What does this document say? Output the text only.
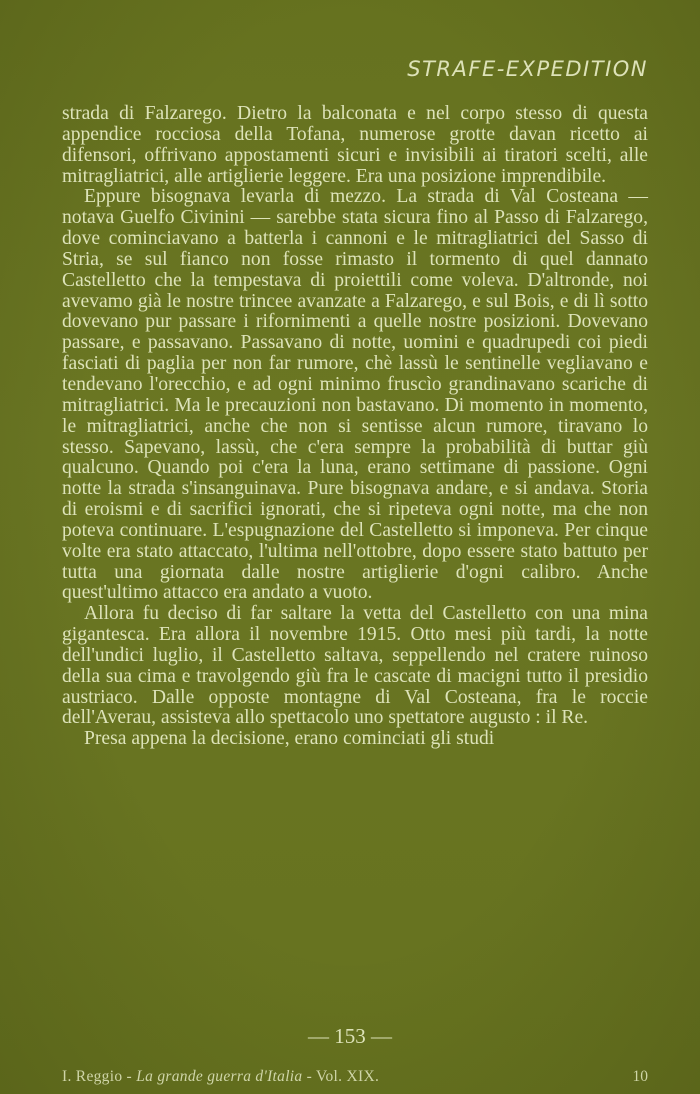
STRAFE-EXPEDITION

strada di Falzarego. Dietro la balconata e nel corpo stesso di questa appendice rocciosa della Tofana, numerose grotte davan ricetto ai difensori, offrivano appostamenti sicuri e invisibili ai tiratori scelti, alle mitragliatrici, alle artiglierie leggere. Era una posizione imprendibile.

Eppure bisognava levarla di mezzo. La strada di Val Costeana — notava Guelfo Civinini — sarebbe stata sicura fino al Passo di Falzarego, dove cominciavano a batterla i cannoni e le mitragliatrici del Sasso di Stria, se sul fianco non fosse rimasto il tormento di quel dannato Castelletto che la tempestava di proiettili come voleva. D'altronde, noi avevamo già le nostre trincee avanzate a Falzarego, e sul Bois, e di lì sotto dovevano pur passare i rifornimenti a quelle nostre posizioni. Dovevano passare, e passavano. Passavano di notte, uomini e quadrupedi coi piedi fasciati di paglia per non far rumore, chè lassù le sentinelle vegliavano e tendevano l'orecchio, e ad ogni minimo fruscìo grandinavano scariche di mitragliatrici. Ma le precauzioni non bastavano. Di momento in momento, le mitragliatrici, anche che non si sentisse alcun rumore, tiravano lo stesso. Sapevano, lassù, che c'era sempre la probabilità di buttar giù qualcuno. Quando poi c'era la luna, erano settimane di passione. Ogni notte la strada s'insanguinava. Pure bisognava andare, e si andava. Storia di eroismi e di sacrifici ignorati, che si ripeteva ogni notte, ma che non poteva continuare. L'espugnazione del Castelletto si imponeva. Per cinque volte era stato attaccato, l'ultima nell'ottobre, dopo essere stato battuto per tutta una giornata dalle nostre artiglierie d'ogni calibro. Anche quest'ultimo attacco era andato a vuoto.

Allora fu deciso di far saltare la vetta del Castelletto con una mina gigantesca. Era allora il novembre 1915. Otto mesi più tardi, la notte dell'undici luglio, il Castelletto saltava, seppellendo nel cratere ruinoso della sua cima e travolgendo giù fra le cascate di macigni tutto il presidio austriaco. Dalle opposte montagne di Val Costeana, fra le roccie dell'Averau, assisteva allo spettacolo uno spettatore augusto : il Re.

Presa appena la decisione, erano cominciati gli studi

— 153 —
I. Reggio - La grande guerra d'Italia - Vol. XIX.	10
